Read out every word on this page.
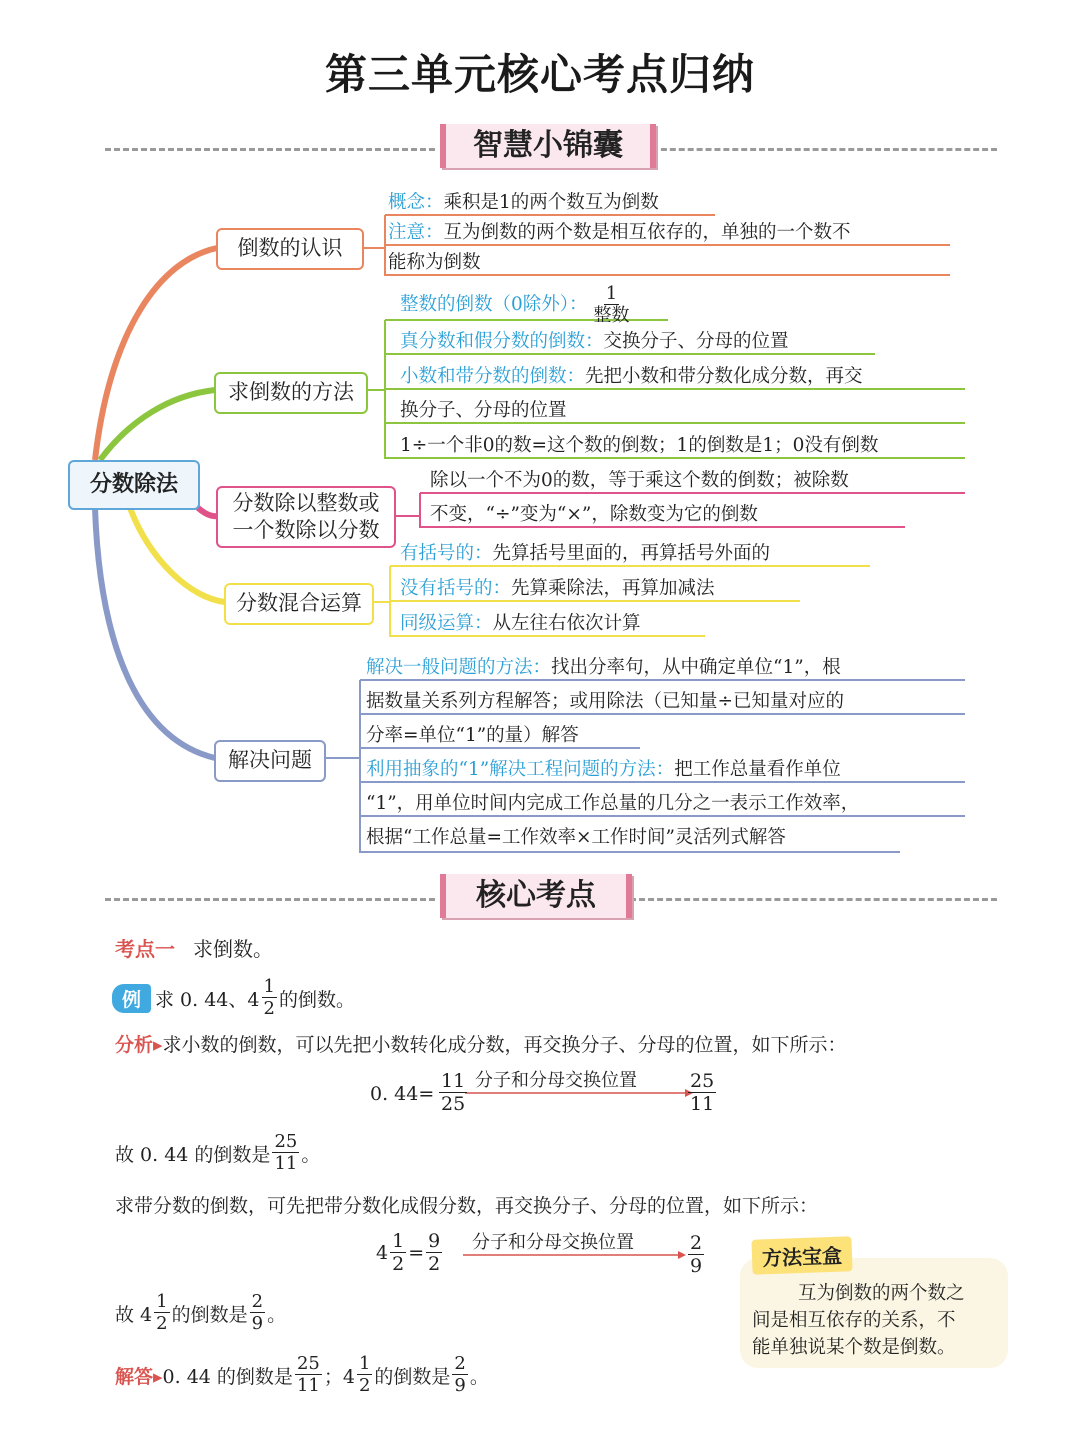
第三单元核心考点归纳
智慧小锦囊
分数除法
倒数的认识
概念：乘积是1的两个数互为倒数
注意：互为倒数的两个数是相互依存的，单独的一个数不
能称为倒数
求倒数的方法
整数的倒数（0除外）： $\frac{1}{\text{整数}}$
真分数和假分数的倒数：交换分子、分母的位置
小数和带分数的倒数：先把小数和带分数化成分数，再交
换分子、分母的位置
1÷一个非0的数=这个数的倒数；1的倒数是1；0没有倒数
分数除以整数或
一个数除以分数
除以一个不为0的数，等于乘这个数的倒数；被除数
不变，“÷”变为“×”，除数变为它的倒数
分数混合运算
有括号的：先算括号里面的，再算括号外面的
没有括号的：先算乘除法，再算加减法
同级运算：从左往右依次计算
解决问题
解决一般问题的方法：找出分率句，从中确定单位“1”，根
据数量关系列方程解答；或用除法（已知量÷已知量对应的
分率=单位“1”的量）解答
利用抽象的“1”解决工程问题的方法：把工作总量看作单位
“1”，用单位时间内完成工作总量的几分之一表示工作效率，
根据“工作总量=工作效率×工作时间”灵活列式解答
核心考点
考点一 求倒数。
例 求 0. 44、$4 \frac{1}{2}$ 的倒数。
分析▸求小数的倒数，可以先把小数转化成分数，再交换分子、分母的位置，如下所示：
0. $44= \frac{11}{25}$ 分子和分母交换位置	$\frac{25}{11}$
故 0. 44 的倒数是 $\frac{25}{11}$ 。
求带分数的倒数，可先把带分数化成假分数，再交换分子、分母的位置，如下所示：
$4 \frac{1}{2} = \frac{9}{2}$ 分子和分母交换位置	$\frac{2}{9}$
故 $4 \frac{1}{2}$ 的倒数是 $\frac{2}{9}$ 。
解答▸ 0. 44 的倒数是 $\frac{25}{11}$ ；$4 \frac{1}{2}$ 的倒数是 $\frac{2}{9}$ 。
方法宝盒
互为倒数的两个数之
间是相互依存的关系，不
能单独说某个数是倒数。
